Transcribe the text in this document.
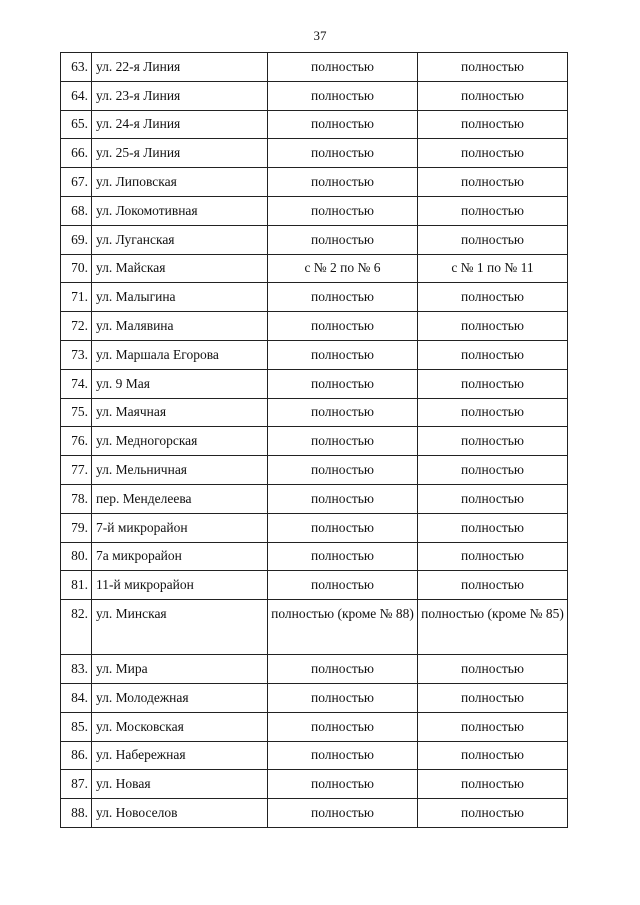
37
63.	ул. 22-я Линия	полностью	полностью
64.	ул. 23-я Линия	полностью	полностью
65.	ул. 24-я Линия	полностью	полностью
66.	ул. 25-я Линия	полностью	полностью
67.	ул. Липовская	полностью	полностью
68.	ул. Локомотивная	полностью	полностью
69.	ул. Луганская	полностью	полностью
70.	ул. Майская	с № 2 по № 6	с № 1 по № 11
71.	ул. Малыгина	полностью	полностью
72.	ул. Малявина	полностью	полностью
73.	ул. Маршала Егорова	полностью	полностью
74.	ул. 9 Мая	полностью	полностью
75.	ул. Маячная	полностью	полностью
76.	ул. Медногорская	полностью	полностью
77.	ул. Мельничная	полностью	полностью
78.	пер. Менделеева	полностью	полностью
79.	7-й микрорайон	полностью	полностью
80.	7а микрорайон	полностью	полностью
81.	11-й микрорайон	полностью	полностью
82.	ул. Минская	полностью (кроме № 88)	полностью (кроме № 85)
83.	ул. Мира	полностью	полностью
84.	ул. Молодежная	полностью	полностью
85.	ул. Московская	полностью	полностью
86.	ул. Набережная	полностью	полностью
87.	ул. Новая	полностью	полностью
88.	ул. Новоселов	полностью	полностью
